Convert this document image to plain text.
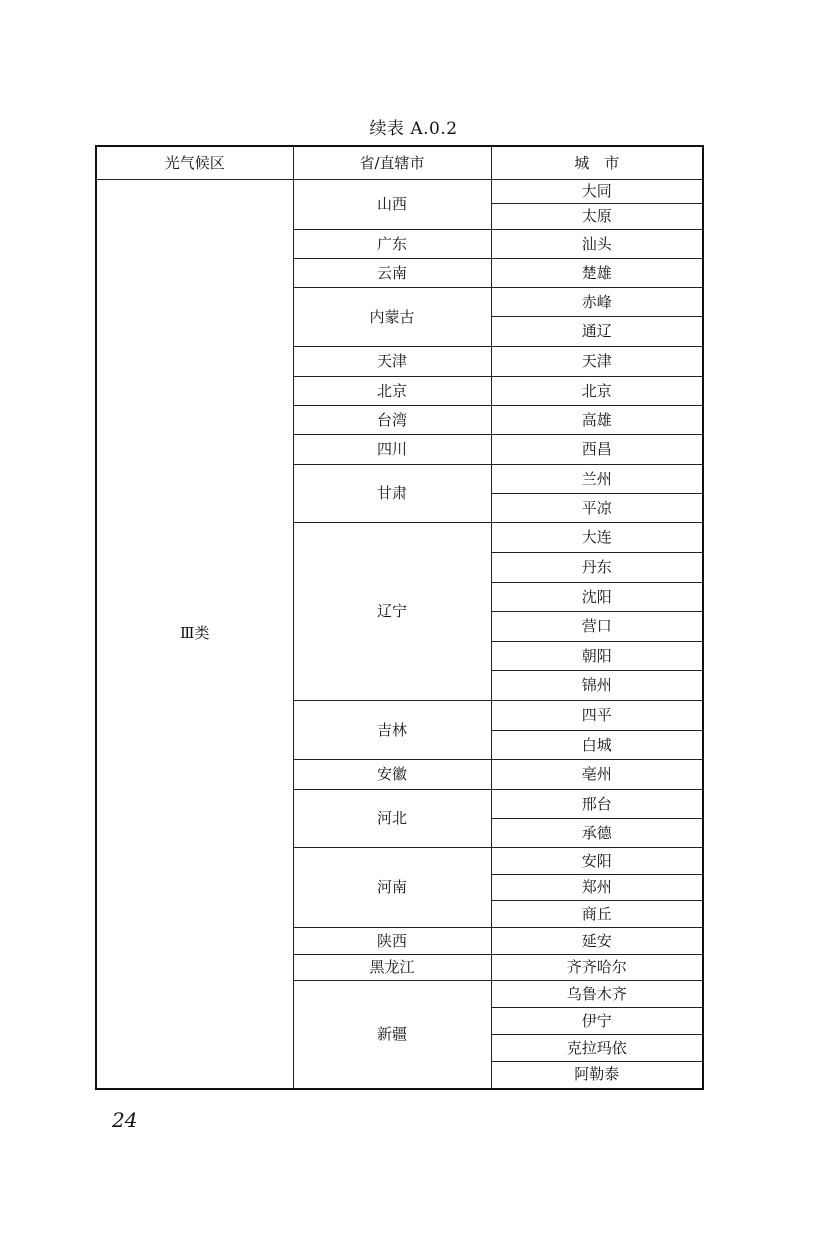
续表 A.0.2
光气候区	省/直辖市	城　市
Ⅲ类	山西	大同
		太原
	广东	汕头
	云南	楚雄
	内蒙古	赤峰
		通辽
	天津	天津
	北京	北京
	台湾	高雄
	四川	西昌
	甘肃	兰州
		平凉
	辽宁	大连
		丹东
		沈阳
		营口
		朝阳
		锦州
	吉林	四平
		白城
	安徽	亳州
	河北	邢台
		承德
	河南	安阳
		郑州
		商丘
	陕西	延安
	黑龙江	齐齐哈尔
	新疆	乌鲁木齐
		伊宁
		克拉玛依
		阿勒泰
24
